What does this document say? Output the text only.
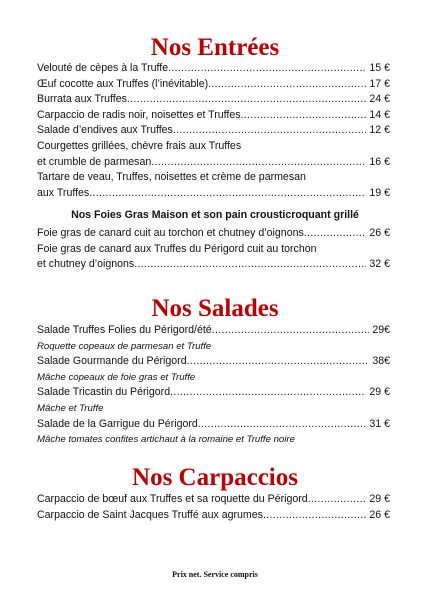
Nos Entrées
Velouté de cèpes à la Truffe .....	15 €
Œuf cocotte aux Truffes (l’inévitable) .....	17 €
Burrata aux Truffes .....	24 €
Carpaccio de radis noir, noisettes et Truffes .....	14 €
Salade d’endives aux Truffes .....	12 €
Courgettes grillées, chèvre frais aux Truffes
et crumble de parmesan .....	16 €
Tartare de veau, Truffes, noisettes et crème de parmesan
aux Truffes .....	19 €
Nos Foies Gras Maison et son pain crousticroquant grillé
Foie gras de canard cuit au torchon et chutney d’oignons .....	26 €
Foie gras de canard aux Truffes du Périgord cuit au torchon
et chutney d’oignons .....	32 €
Nos Salades
Salade Truffes Folies du Périgord/été .....	29€
Roquette copeaux de parmesan et Truffe
Salade Gourmande du Périgord .....	38€
Mâche copeaux de foie gras et Truffe
Salade Tricastin du Périgord .....	29 €
Mâche et Truffe
Salade de la Garrigue du Périgord .....	31 €
Mâche tomates confites artichaut à la romaine et Truffe noire
Nos Carpaccios
Carpaccio de bœuf aux Truffes et sa roquette du Périgord .....	29 €
Carpaccio de Saint Jacques Truffé aux agrumes .....	26 €
Prix net. Service compris
